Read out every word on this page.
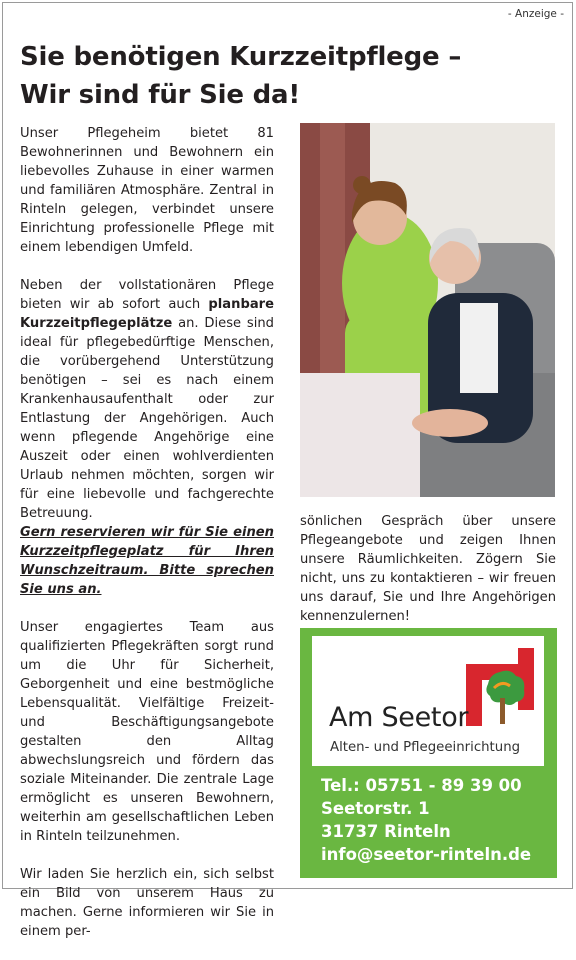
- Anzeige -
Sie benötigen Kurzzeitpflege –
Wir sind für Sie da!

Unser Pflegeheim bietet 81 Bewohnerinnen und Bewohnern ein liebevolles Zuhause in einer warmen und familiären Atmosphäre. Zentral in Rinteln gelegen, verbindet unsere Einrichtung professionelle Pflege mit einem lebendigen Umfeld.

Neben der vollstationären Pflege bieten wir ab sofort auch planbare Kurzzeitpflegeplätze an. Diese sind ideal für pflegebedürftige Menschen, die vorübergehend Unterstützung benötigen – sei es nach einem Krankenhausaufenthalt oder zur Entlastung der Angehörigen. Auch wenn pflegende Angehörige eine Auszeit oder einen wohlverdienten Urlaub nehmen möchten, sorgen wir für eine liebevolle und fachgerechte Betreuung.

Gern reservieren wir für Sie einen Kurzzeitpflegeplatz für Ihren Wunschzeitraum. Bitte sprechen Sie uns an.

Unser engagiertes Team aus qualifizierten Pflegekräften sorgt rund um die Uhr für Sicherheit, Geborgenheit und eine bestmögliche Lebensqualität. Vielfältige Freizeit- und Beschäftigungsangebote gestalten den Alltag abwechslungsreich und fördern das soziale Miteinander. Die zentrale Lage ermöglicht es unseren Bewohnern, weiterhin am gesellschaftlichen Leben in Rinteln teilzunehmen.

Wir laden Sie herzlich ein, sich selbst ein Bild von unserem Haus zu machen. Gerne informieren wir Sie in einem per-

sönlichen Gespräch über unsere Pflegeangebote und zeigen Ihnen unsere Räumlichkeiten. Zögern Sie nicht, uns zu kontaktieren – wir freuen uns darauf, Sie und Ihre Angehörigen kennenzulernen!

Am Seetor
Alten- und Pflegeeinrichtung
Tel.: 05751 - 89 39 00
Seetorstr. 1
31737 Rinteln
info@seetor-rinteln.de
